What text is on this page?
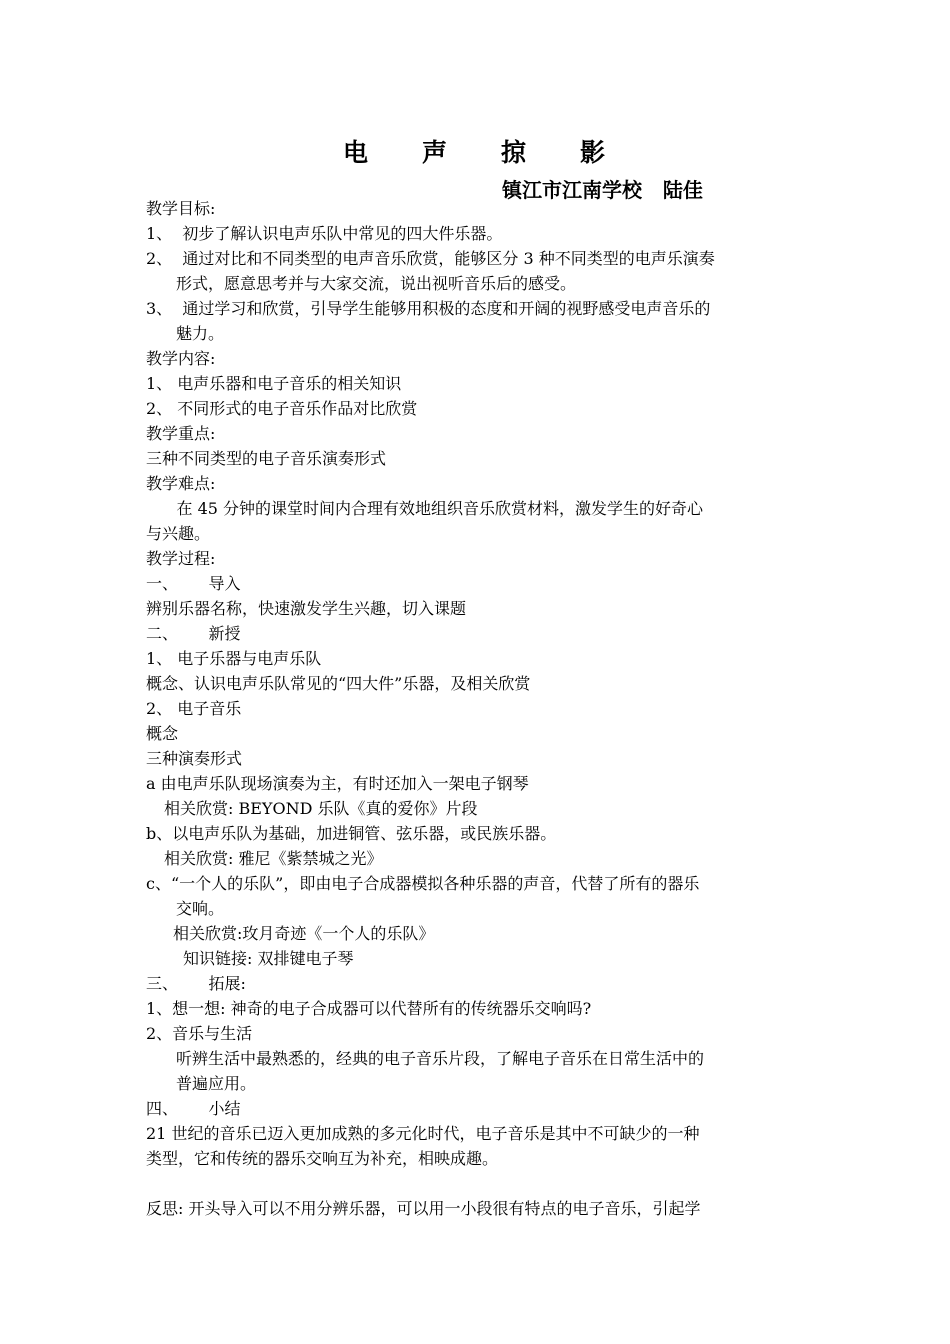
电 声 掠 影
镇江市江南学校   陆佳
教学目标:
1、  初步了解认识电声乐队中常见的四大件乐器。
2、  通过对比和不同类型的电声音乐欣赏，能够区分 3 种不同类型的电声乐演奏
形式，愿意思考并与大家交流，说出视听音乐后的感受。
3、  通过学习和欣赏，引导学生能够用积极的态度和开阔的视野感受电声音乐的
魅力。
教学内容:
1、 电声乐器和电子音乐的相关知识
2、 不同形式的电子音乐作品对比欣赏
教学重点:
三种不同类型的电子音乐演奏形式
教学难点:
在 45 分钟的课堂时间内合理有效地组织音乐欣赏材料，激发学生的好奇心
与兴趣。
教学过程:
一、      导入
辨别乐器名称，快速激发学生兴趣，切入课题
二、      新授
1、 电子乐器与电声乐队
概念、认识电声乐队常见的“四大件”乐器，及相关欣赏
2、 电子音乐
概念
三种演奏形式
a 由电声乐队现场演奏为主，有时还加入一架电子钢琴
相关欣赏: BEYOND 乐队《真的爱你》片段
b、以电声乐队为基础，加进铜管、弦乐器，或民族乐器。
相关欣赏: 雅尼《紫禁城之光》
c、“一个人的乐队”，即由电子合成器模拟各种乐器的声音，代替了所有的器乐
交响。
相关欣赏:玫月奇迹《一个人的乐队》
知识链接: 双排键电子琴
三、      拓展:
1、想一想: 神奇的电子合成器可以代替所有的传统器乐交响吗?
2、音乐与生活
听辨生活中最熟悉的，经典的电子音乐片段，了解电子音乐在日常生活中的
普遍应用。
四、      小结
21 世纪的音乐已迈入更加成熟的多元化时代，电子音乐是其中不可缺少的一种
类型，它和传统的器乐交响互为补充，相映成趣。
反思: 开头导入可以不用分辨乐器，可以用一小段很有特点的电子音乐，引起学
